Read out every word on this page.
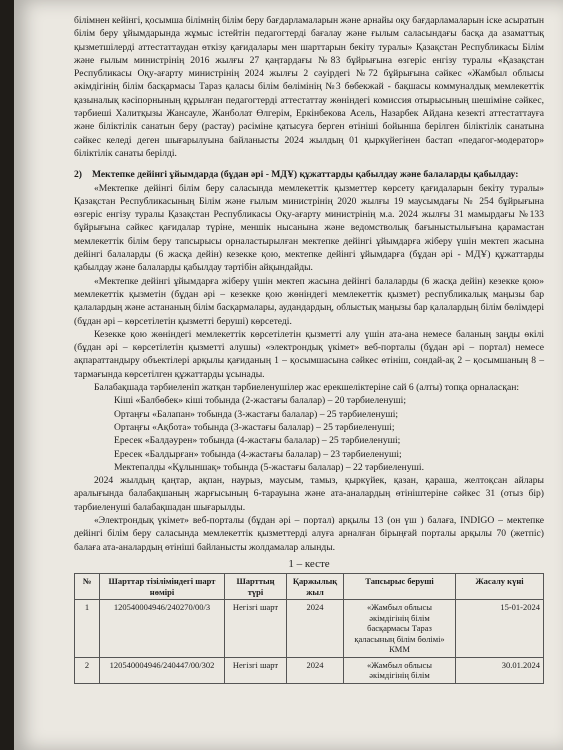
білімнен кейінгі, қосымша білімнің білім беру бағдарламаларын және арнайы оқу бағдарламаларын іске асыратын білім беру ұйымдарында жұмыс істейтін педагогтерді бағалау және ғылым саласындағы басқа да азаматтық қызметшілерді аттестаттаудан өткізу қағидалары мен шарттарын бекіту туралы» Қазақстан Республикасы Білім және ғылым министрінің 2016 жылғы 27 қаңтардағы №83 бұйрығына өзгеріс енгізу туралы «Қазақстан Республикасы Оқу-ағарту министрінің 2024 жылғы 2 сәуірдегі №72 бұйрығына сәйкес «Жамбыл облысы әкімдігінің білім басқармасы Тараз қаласы білім бөлімінің №3 бөбекжай - бақшасы коммуналдық мемлекеттік қазыналық кәсіпорнының құрылған педагогтерді аттестаттау жөніндегі комиссия отырысының шешіміне сәйкес, тәрбиеші Халитқызы Жансауле, Жанболат Өлгерім, Еркінбекова Асель, Назарбек Айдана кезекті аттестаттауға және біліктілік санатын беру (растау) рәсіміне қатысуға берген өтініші бойынша берілген біліктілік санатына сәйкес келеді деген шығарылуына байланысты 2024 жылдың 01 қыркүйегінен бастап «педагог-модератор» біліктілік санаты берілді.

2)	Мектепке дейінгі ұйымдарда (бұдан әрі - МДҰ) құжаттарды қабылдау және балаларды қабылдау:

«Мектепке дейінгі білім беру саласында мемлекеттік қызметтер көрсету қағидаларын бекіту туралы» Қазақстан Республикасының Білім және ғылым министрінің 2020 жылғы 19 маусымдағы № 254 бұйрығына өзгеріс енгізу туралы Қазақстан Республикасы Оқу-ағарту министрінің м.а. 2024 жылғы 31 мамырдағы №133 бұйрығына сәйкес қағидалар түріне, меншік нысанына және ведомстволық бағыныстылығына қарамастан мемлекеттік білім беру тапсырысы орналастырылған мектепке дейінгі ұйымдарға жіберу үшін мектеп жасына дейінгі балаларды (6 жасқа дейін) кезекке қою, мектепке дейінгі ұйымдарға (бұдан әрі - МДҰ) құжаттарды қабылдау және балаларды қабылдау тәртібін айқындайды.

«Мектепке дейінгі ұйымдарға жіберу үшін мектеп жасына дейінгі балаларды (6 жасқа дейін) кезекке қою» мемлекеттік қызметін (бұдан әрі – кезекке қою жөніндегі мемлекеттік қызмет) республикалық маңызы бар қалалардың және астананың білім басқармалары, аудандардың, облыстық маңызы бар қалалардың білім бөлімдері (бұдан әрі – көрсетілетін қызметті беруші) көрсетеді.

Кезекке қою жөніндегі мемлекеттік көрсетілетін қызметті алу үшін ата-ана немесе баланың заңды өкілі (бұдан әрі – көрсетілетін қызметті алушы) «электрондық үкімет» веб-порталы (бұдан әрі – портал) немесе ақпараттандыру объектілері арқылы қағиданың 1 – қосымшасына сәйкес өтініш, сондай-ақ 2 – қосымшаның 8 – тармағында көрсетілген құжаттарды ұсынады.

Балабақшада тәрбиеленіп жатқан тәрбиеленушілер жас ерекшеліктеріне сай 6 (алты) топқа орналасқан:

Кіші «Балбөбек» кіші тобында (2-жастағы балалар) – 20 тәрбиеленуші;
Ортаңғы «Балапан» тобында (3-жастағы балалар) – 25 тәрбиеленуші;
Ортаңғы «Ақбота» тобында (3-жастағы балалар) – 25 тәрбиеленуші;
Ересек «Балдәурен» тобында (4-жастағы балалар) – 25 тәрбиеленуші;
Ересек «Балдырған» тобында (4-жастағы балалар) – 23 тәрбиеленуші;
Мектепалды «Құлыншақ» тобында (5-жастағы балалар) – 22 тәрбиеленуші.

2024 жылдың қаңтар, ақпан, наурыз, маусым, тамыз, қыркүйек, қазан, қараша, желтоқсан айлары аралығында балабақшаның жарғысының 6-тарауына және ата-аналардың өтініштеріне сәйкес 31 (отыз бір) тәрбиеленуші балабақшадан шығарылды.

«Электрондық үкімет» веб-порталы (бұдан әрі – портал) арқылы 13 (он үш ) балаға, INDIGO – мектепке дейінгі білім беру саласында мемлекеттік қызметтерді алуға арналған бірыңғай порталы арқылы 70 (жетпіс) балаға ата-аналардың өтініші байланысты жолдамалар алынды.

1 – кесте
№	Шарттар тізіліміндегі шарт нөмірі	Шарттың түрі	Қаржылық жыл	Тапсырыс беруші	Жасалу күні
1	120540004946/240270/00/3	Негізгі шарт	2024	«Жамбыл облысы әкімдігінің білім басқармасы Тараз қаласының білім бөлімі» КММ	15-01-2024
2	120540004946/240447/00/302	Негізгі шарт	2024	«Жамбыл облысы әкімдігінің білім	30.01.2024
